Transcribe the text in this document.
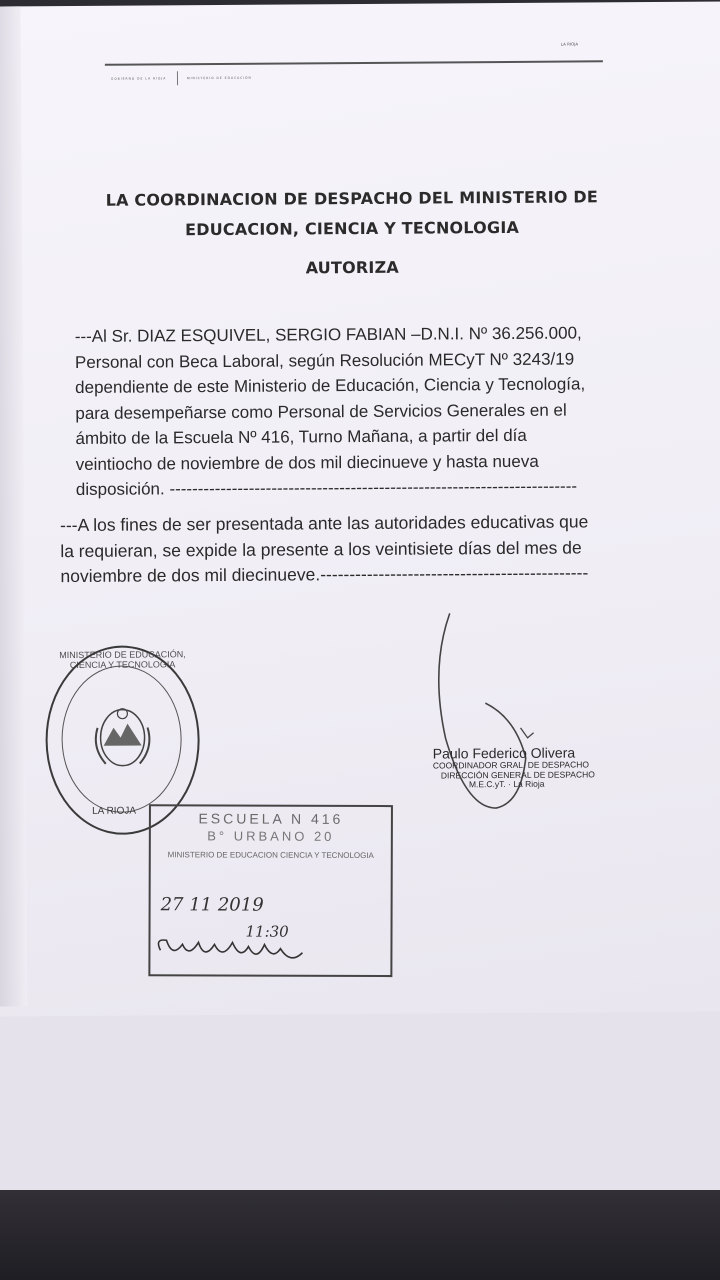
GOBIERNO DE LA RIOJA	MINISTERIO DE EDUCACIÓN
LA RIOJA
LA COORDINACION DE DESPACHO DEL MINISTERIO DE
EDUCACION, CIENCIA Y TECNOLOGIA
AUTORIZA
---Al Sr. DIAZ ESQUIVEL, SERGIO FABIAN –D.N.I. Nº 36.256.000,
Personal con Beca Laboral, según Resolución MECyT Nº 3243/19
dependiente de este Ministerio de Educación, Ciencia y Tecnología,
para desempeñarse como Personal de Servicios Generales en el
ámbito de la Escuela Nº 416, Turno Mañana, a partir del día
veintiocho de noviembre de dos mil diecinueve y hasta nueva
disposición. ------------------------------------------------------------------------
---A los fines de ser presentada ante las autoridades educativas que
la requieran, se expide la presente a los veintisiete días del mes de
noviembre de dos mil diecinueve.----------------------------------------------
MINISTERIO DE EDUCACIÓN, CIENCIA Y TECNOLOGIA
LA RIOJA
Paulo Federico Olivera
COORDINADOR GRAL. DE DESPACHO
DIRECCIÓN GENERAL DE DESPACHO
M.E.C.yT. · La Rioja
ESCUELA N 416
B° URBANO 20
MINISTERIO DE EDUCACION CIENCIA Y TECNOLOGIA
27 11 2019
11:30
